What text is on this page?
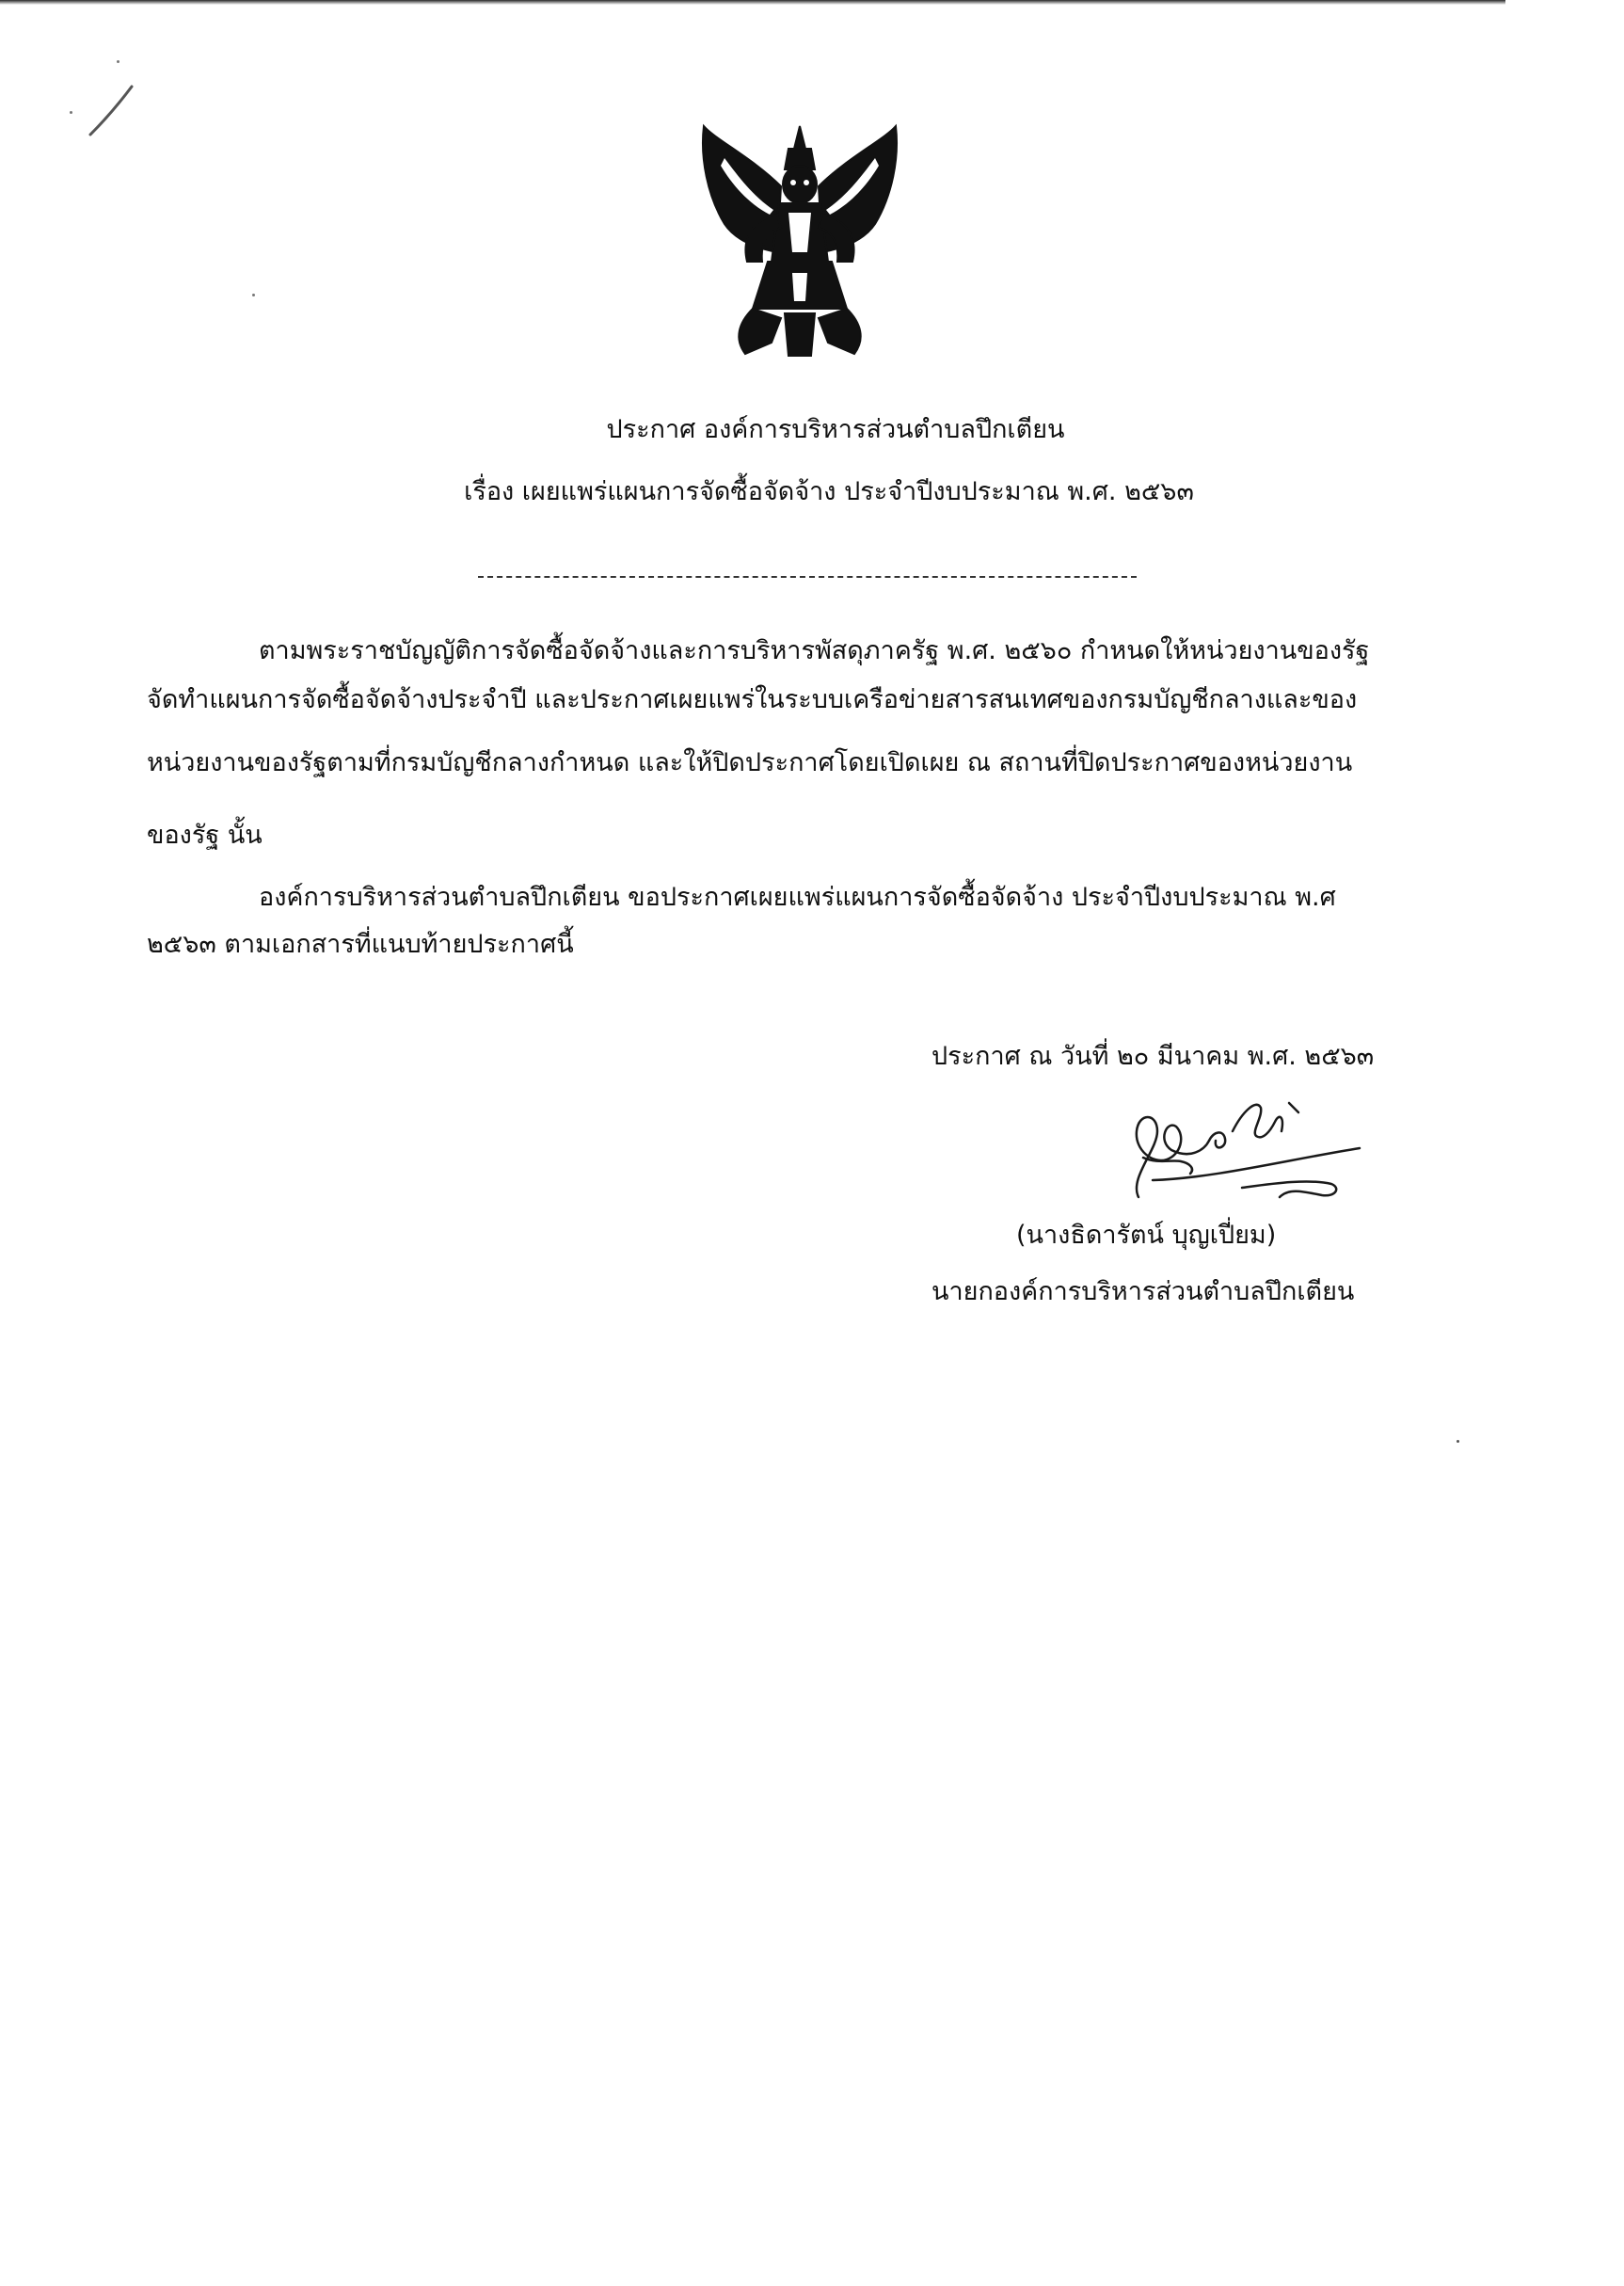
ประกาศ องค์การบริหารส่วนตำบลปึกเตียน
เรื่อง เผยแพร่แผนการจัดซื้อจัดจ้าง ประจำปีงบประมาณ พ.ศ. ๒๕๖๓
ตามพระราชบัญญัติการจัดซื้อจัดจ้างและการบริหารพัสดุภาครัฐ พ.ศ. ๒๕๖๐ กำหนดให้หน่วยงานของรัฐ
จัดทำแผนการจัดซื้อจัดจ้างประจำปี และประกาศเผยแพร่ในระบบเครือข่ายสารสนเทศของกรมบัญชีกลางและของ
หน่วยงานของรัฐตามที่กรมบัญชีกลางกำหนด และให้ปิดประกาศโดยเปิดเผย ณ สถานที่ปิดประกาศของหน่วยงาน
ของรัฐ นั้น
องค์การบริหารส่วนตำบลปึกเตียน ขอประกาศเผยแพร่แผนการจัดซื้อจัดจ้าง ประจำปีงบประมาณ พ.ศ
๒๕๖๓ ตามเอกสารที่แนบท้ายประกาศนี้
ประกาศ ณ วันที่ ๒๐ มีนาคม พ.ศ. ๒๕๖๓
(นางธิดารัตน์ บุญเปี่ยม)
นายกองค์การบริหารส่วนตำบลปึกเตียน
